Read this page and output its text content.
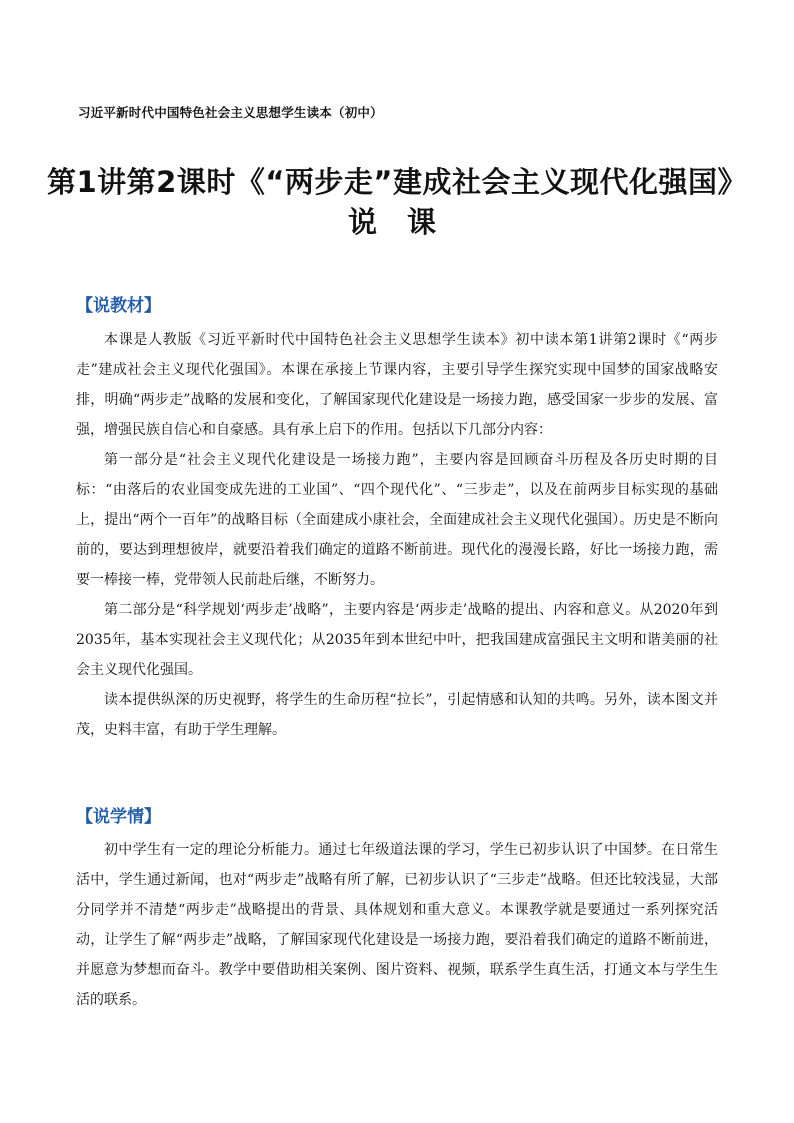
习近平新时代中国特色社会主义思想学生读本（初中）
第1讲第2课时《“两步走”建成社会主义现代化强国》
说 课
【说教材】

本课是人教版《习近平新时代中国特色社会主义思想学生读本》初中读本第1讲第2课时《“两步走”建成社会主义现代化强国》。本课在承接上节课内容，主要引导学生探究实现中国梦的国家战略安排，明确“两步走”战略的发展和变化，了解国家现代化建设是一场接力跑，感受国家一步步的发展、富强，增强民族自信心和自豪感。具有承上启下的作用。包括以下几部分内容：

第一部分是“社会主义现代化建设是一场接力跑”，主要内容是回顾奋斗历程及各历史时期的目标：“由落后的农业国变成先进的工业国”、“四个现代化”、“三步走”，以及在前两步目标实现的基础上，提出“两个一百年”的战略目标（全面建成小康社会，全面建成社会主义现代化强国）。历史是不断向前的，要达到理想彼岸，就要沿着我们确定的道路不断前进。现代化的漫漫长路，好比一场接力跑，需要一棒接一棒，党带领人民前赴后继，不断努力。

第二部分是“科学规划‘两步走’战略”，主要内容是‘两步走’战略的提出、内容和意义。从2020年到2035年，基本实现社会主义现代化；从2035年到本世纪中叶，把我国建成富强民主文明和谐美丽的社会主义现代化强国。

读本提供纵深的历史视野，将学生的生命历程“拉长”，引起情感和认知的共鸣。另外，读本图文并茂，史料丰富，有助于学生理解。

【说学情】

初中学生有一定的理论分析能力。通过七年级道法课的学习，学生已初步认识了中国梦。在日常生活中，学生通过新闻，也对“两步走”战略有所了解，已初步认识了“三步走”战略。但还比较浅显，大部分同学并不清楚“两步走”战略提出的背景、具体规划和重大意义。本课教学就是要通过一系列探究活动，让学生了解“两步走”战略，了解国家现代化建设是一场接力跑，要沿着我们确定的道路不断前进，并愿意为梦想而奋斗。教学中要借助相关案例、图片资料、视频，联系学生真生活，打通文本与学生生活的联系。
